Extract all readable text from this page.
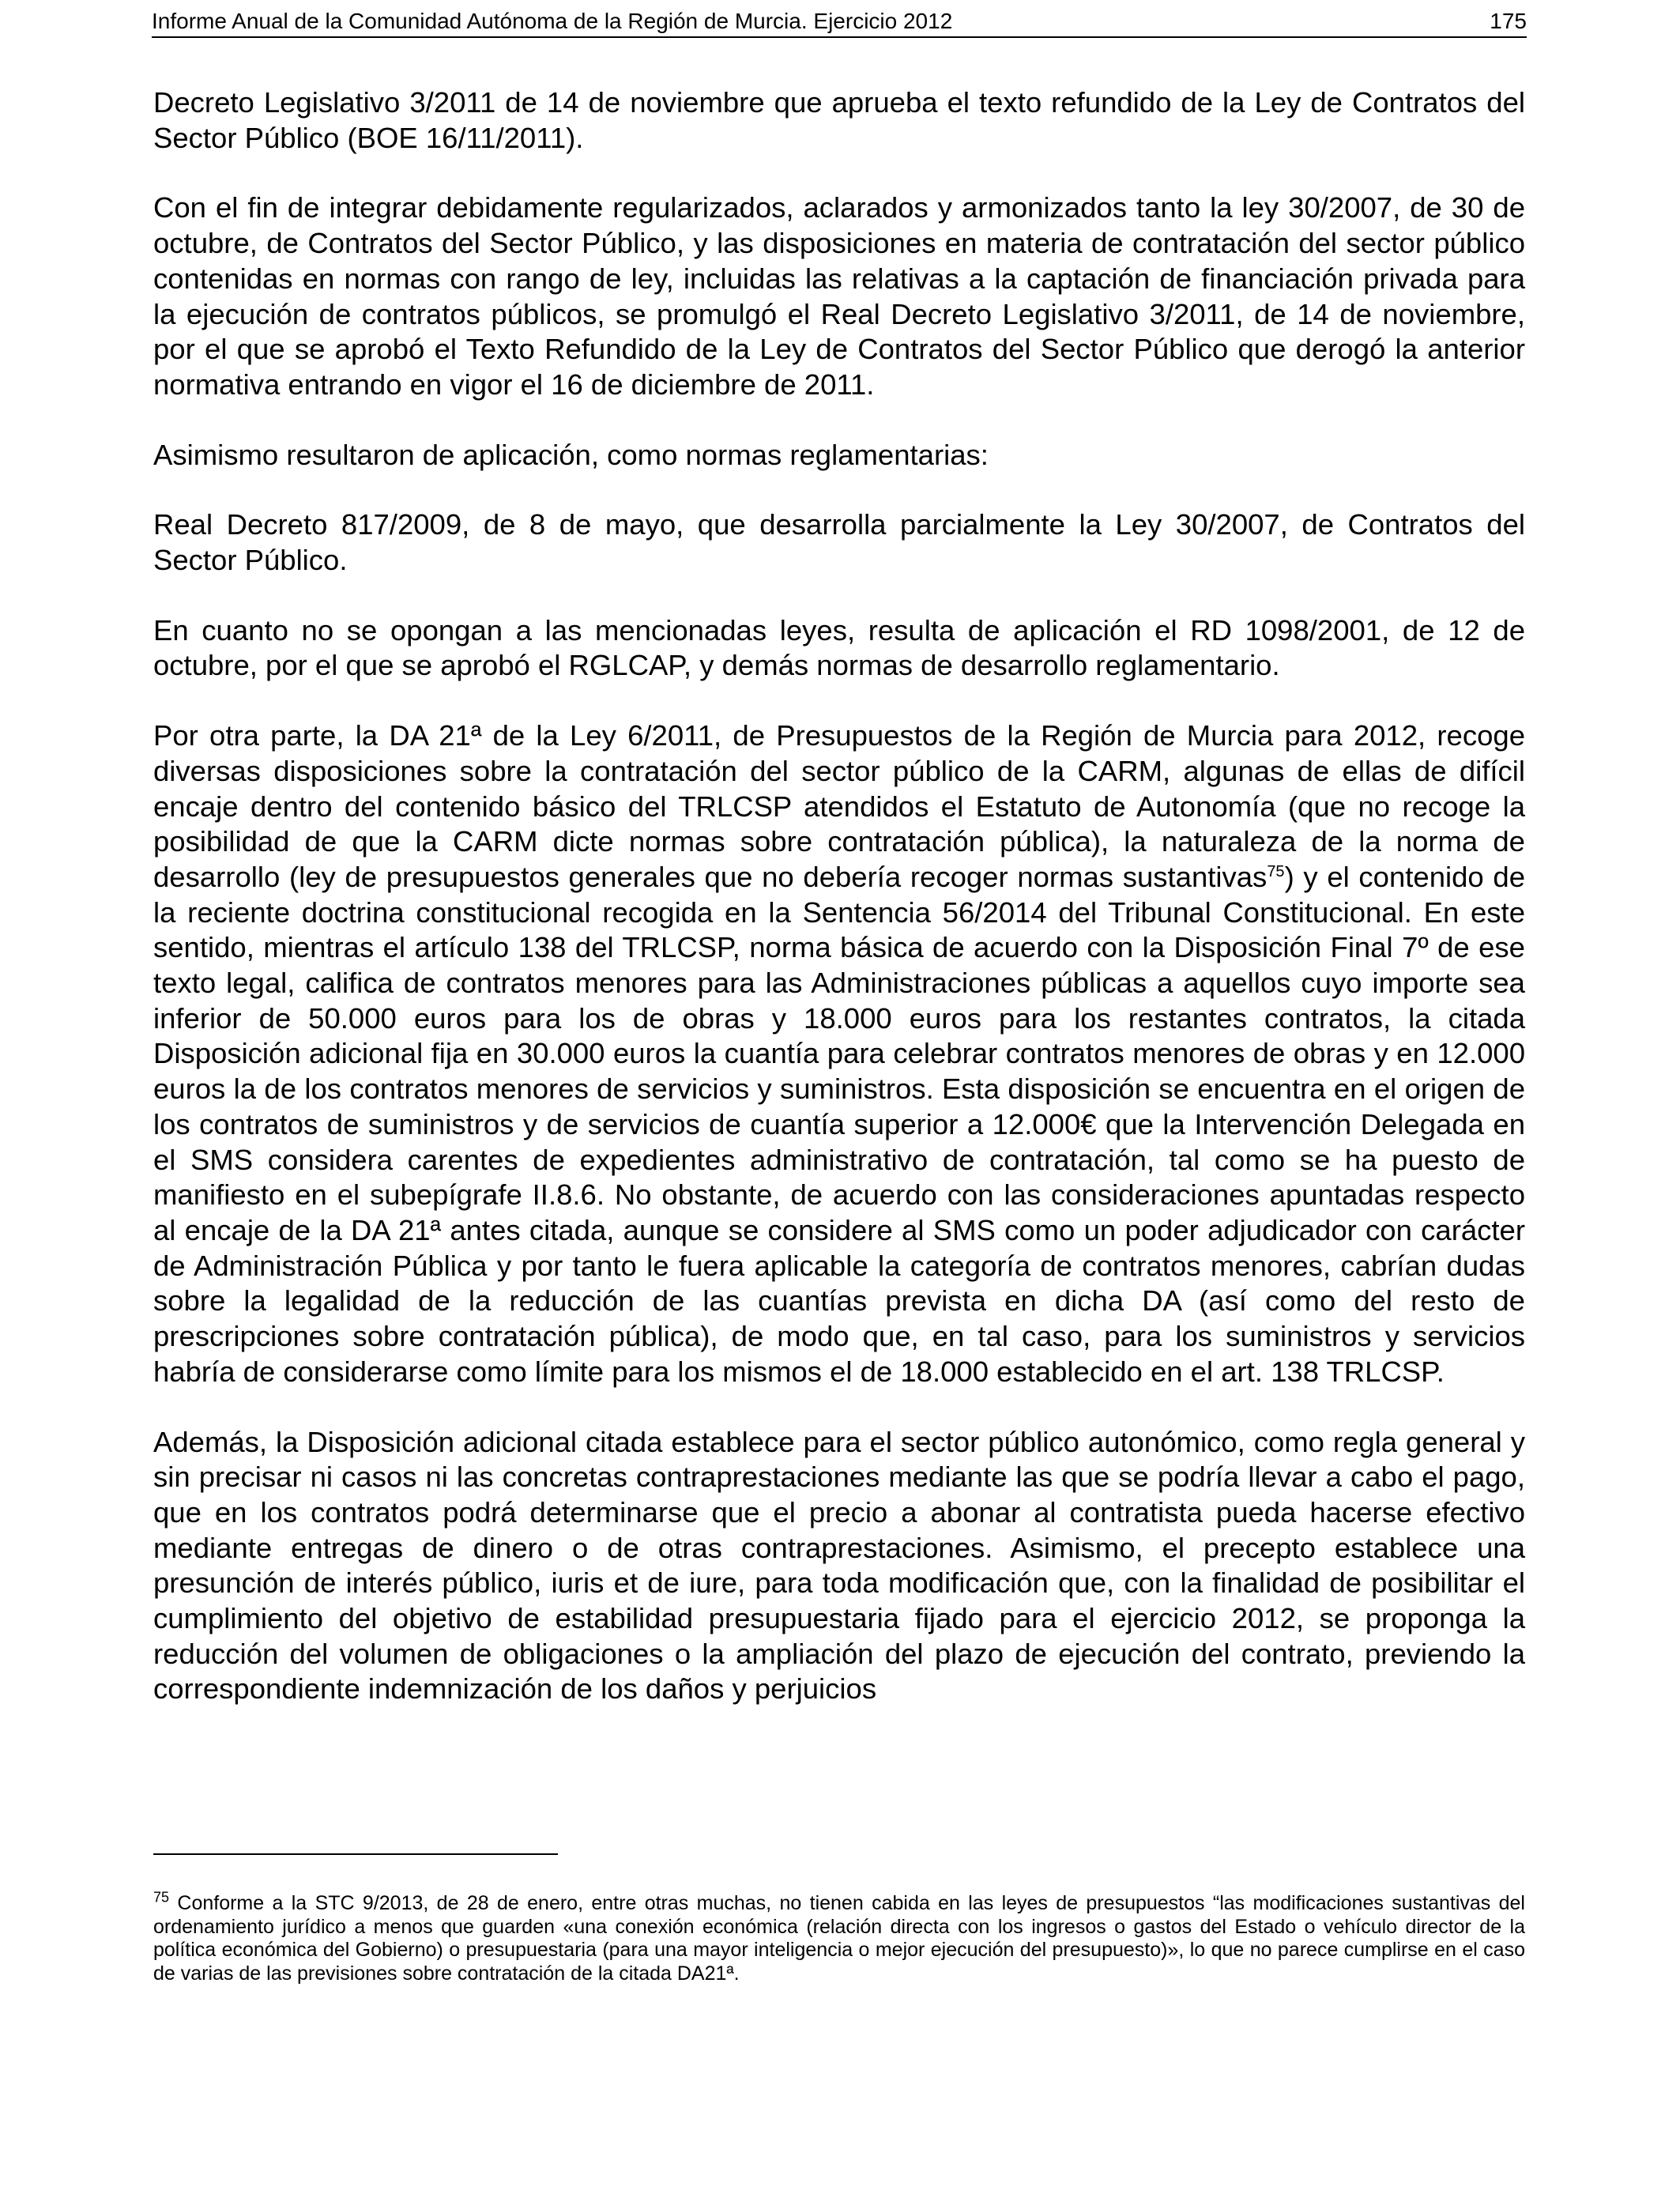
Informe Anual de la Comunidad Autónoma de la Región de Murcia. Ejercicio 2012	175

Decreto Legislativo 3/2011 de 14 de noviembre que aprueba el texto refundido de la Ley de Contratos del Sector Público (BOE 16/11/2011).

Con el fin de integrar debidamente regularizados, aclarados y armonizados tanto la ley 30/2007, de 30 de octubre, de Contratos del Sector Público, y las disposiciones en materia de contratación del sector público contenidas en normas con rango de ley, incluidas las relativas a la captación de financiación privada para la ejecución de contratos públicos, se promulgó el Real Decreto Legislativo 3/2011, de 14 de noviembre, por el que se aprobó el Texto Refundido de la Ley de Contratos del Sector Público que derogó la anterior normativa entrando en vigor el 16 de diciembre de 2011.

Asimismo resultaron de aplicación, como normas reglamentarias:

Real Decreto 817/2009, de 8 de mayo, que desarrolla parcialmente la Ley 30/2007, de Contratos del Sector Público.

En cuanto no se opongan a las mencionadas leyes, resulta de aplicación el RD 1098/2001, de 12 de octubre, por el que se aprobó el RGLCAP, y demás normas de desarrollo reglamentario.

Por otra parte, la DA 21ª de la Ley 6/2011, de Presupuestos de la Región de Murcia para 2012, recoge diversas disposiciones sobre la contratación del sector público de la CARM, algunas de ellas de difícil encaje dentro del contenido básico del TRLCSP atendidos el Estatuto de Autonomía (que no recoge la posibilidad de que la CARM dicte normas sobre contratación pública), la naturaleza de la norma de desarrollo (ley de presupuestos generales que no debería recoger normas sustantivas$^{75}$) y el contenido de la reciente doctrina constitucional recogida en la Sentencia 56/2014 del Tribunal Constitucional. En este sentido, mientras el artículo 138 del TRLCSP, norma básica de acuerdo con la Disposición Final 7º de ese texto legal, califica de contratos menores para las Administraciones públicas a aquellos cuyo importe sea inferior de 50.000 euros para los de obras y 18.000 euros para los restantes contratos, la citada Disposición adicional fija en 30.000 euros la cuantía para celebrar contratos menores de obras y en 12.000 euros la de los contratos menores de servicios y suministros. Esta disposición se encuentra en el origen de los contratos de suministros y de servicios de cuantía superior a 12.000€ que la Intervención Delegada en el SMS considera carentes de expedientes administrativo de contratación, tal como se ha puesto de manifiesto en el subepígrafe II.8.6. No obstante, de acuerdo con las consideraciones apuntadas respecto al encaje de la DA 21ª antes citada, aunque se considere al SMS como un poder adjudicador con carácter de Administración Pública y por tanto le fuera aplicable la categoría de contratos menores, cabrían dudas sobre la legalidad de la reducción de las cuantías prevista en dicha DA (así como del resto de prescripciones sobre contratación pública), de modo que, en tal caso, para los suministros y servicios habría de considerarse como límite para los mismos el de 18.000 establecido en el art. 138 TRLCSP.

Además, la Disposición adicional citada establece para el sector público autonómico, como regla general y sin precisar ni casos ni las concretas contraprestaciones mediante las que se podría llevar a cabo el pago, que en los contratos podrá determinarse que el precio a abonar al contratista pueda hacerse efectivo mediante entregas de dinero o de otras contraprestaciones. Asimismo, el precepto establece una presunción de interés público, iuris et de iure, para toda modificación que, con la finalidad de posibilitar el cumplimiento del objetivo de estabilidad presupuestaria fijado para el ejercicio 2012, se proponga la reducción del volumen de obligaciones o la ampliación del plazo de ejecución del contrato, previendo la correspondiente indemnización de los daños y perjuicios

$^{75}$ Conforme a la STC 9/2013, de 28 de enero, entre otras muchas, no tienen cabida en las leyes de presupuestos “las modificaciones sustantivas del ordenamiento jurídico a menos que guarden «una conexión económica (relación directa con los ingresos o gastos del Estado o vehículo director de la política económica del Gobierno) o presupuestaria (para una mayor inteligencia o mejor ejecución del presupuesto)», lo que no parece cumplirse en el caso de varias de las previsiones sobre contratación de la citada DA21ª.
